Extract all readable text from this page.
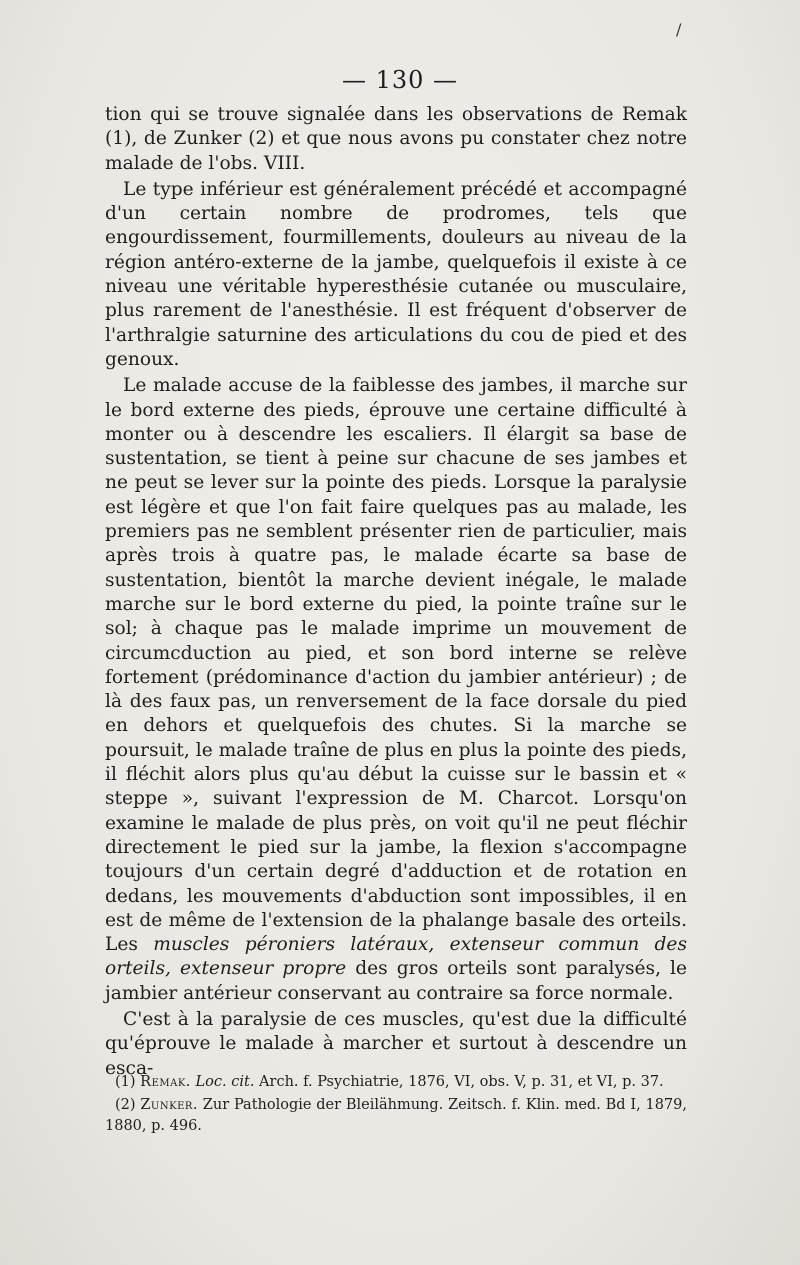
/
— 130 —

tion qui se trouve signalée dans les observations de Remak (1), de Zunker (2) et que nous avons pu constater chez notre malade de l'obs. VIII.

Le type inférieur est généralement précédé et accompagné d'un certain nombre de prodromes, tels que engourdissement, fourmillements, douleurs au niveau de la région antéro-externe de la jambe, quelquefois il existe à ce niveau une véritable hyperesthésie cutanée ou musculaire, plus rarement de l'anesthésie. Il est fréquent d'observer de l'arthralgie saturnine des articulations du cou de pied et des genoux.

Le malade accuse de la faiblesse des jambes, il marche sur le bord externe des pieds, éprouve une certaine difficulté à monter ou à descendre les escaliers. Il élargit sa base de sustentation, se tient à peine sur chacune de ses jambes et ne peut se lever sur la pointe des pieds. Lorsque la paralysie est légère et que l'on fait faire quelques pas au malade, les premiers pas ne semblent présenter rien de particulier, mais après trois à quatre pas, le malade écarte sa base de sustentation, bientôt la marche devient inégale, le malade marche sur le bord externe du pied, la pointe traîne sur le sol; à chaque pas le malade imprime un mouvement de circumcduction au pied, et son bord interne se relève fortement (prédominance d'action du jambier antérieur) ; de là des faux pas, un renversement de la face dorsale du pied en dehors et quelquefois des chutes. Si la marche se poursuit, le malade traîne de plus en plus la pointe des pieds, il fléchit alors plus qu'au début la cuisse sur le bassin et « steppe », suivant l'expression de M. Charcot. Lorsqu'on examine le malade de plus près, on voit qu'il ne peut fléchir directement le pied sur la jambe, la flexion s'accompagne toujours d'un certain degré d'adduction et de rotation en dedans, les mouvements d'abduction sont impossibles, il en est de même de l'extension de la phalange basale des orteils. Les muscles péroniers latéraux, extenseur commun des orteils, extenseur propre des gros orteils sont paralysés, le jambier antérieur conservant au contraire sa force normale.

C'est à la paralysie de ces muscles, qu'est due la difficulté qu'éprouve le malade à marcher et surtout à descendre un esca-

(1) Remak. Loc. cit. Arch. f. Psychiatrie, 1876, VI, obs. V, p. 31, et VI, p. 37.

(2) Zunker. Zur Pathologie der Bleilähmung. Zeitsch. f. Klin. med. Bd I, 1879, 1880, p. 496.
